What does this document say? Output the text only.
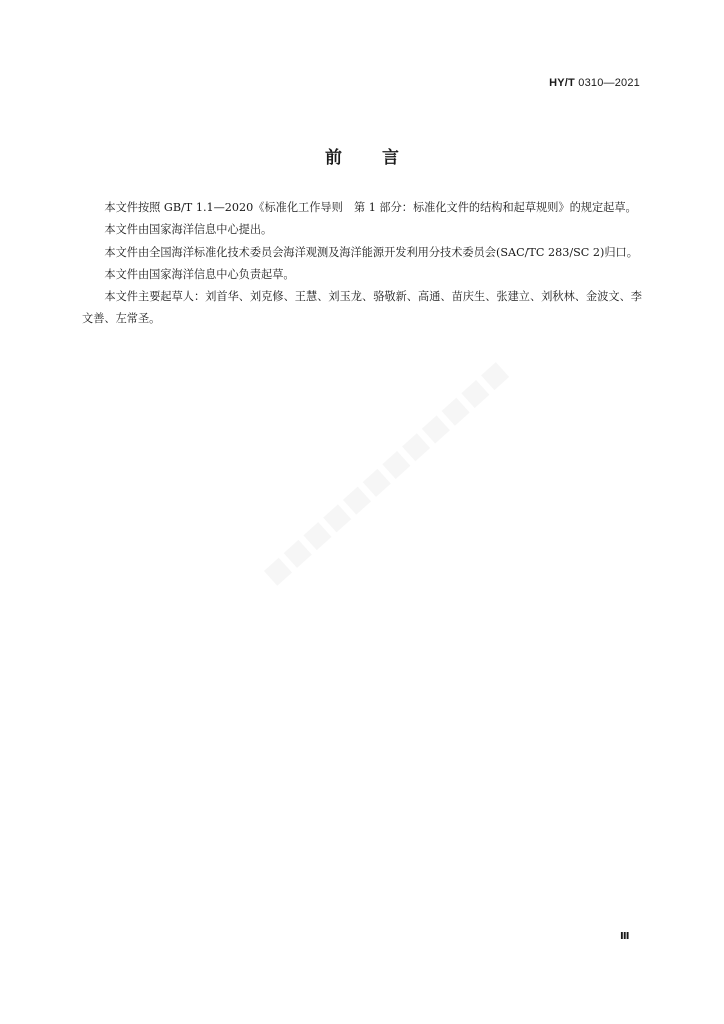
HY/T 0310—2021
前言

本文件按照 GB/T 1.1—2020《标准化工作导则　第 1 部分：标准化文件的结构和起草规则》的规定起草。

本文件由国家海洋信息中心提出。

本文件由全国海洋标准化技术委员会海洋观测及海洋能源开发利用分技术委员会(SAC/TC 283/SC 2)归口。

本文件由国家海洋信息中心负责起草。

本文件主要起草人：刘首华、刘克修、王慧、刘玉龙、骆敬新、高通、苗庆生、张建立、刘秋林、金波文、李文善、左常圣。

■■■■■■■■■■■■
Ⅲ
